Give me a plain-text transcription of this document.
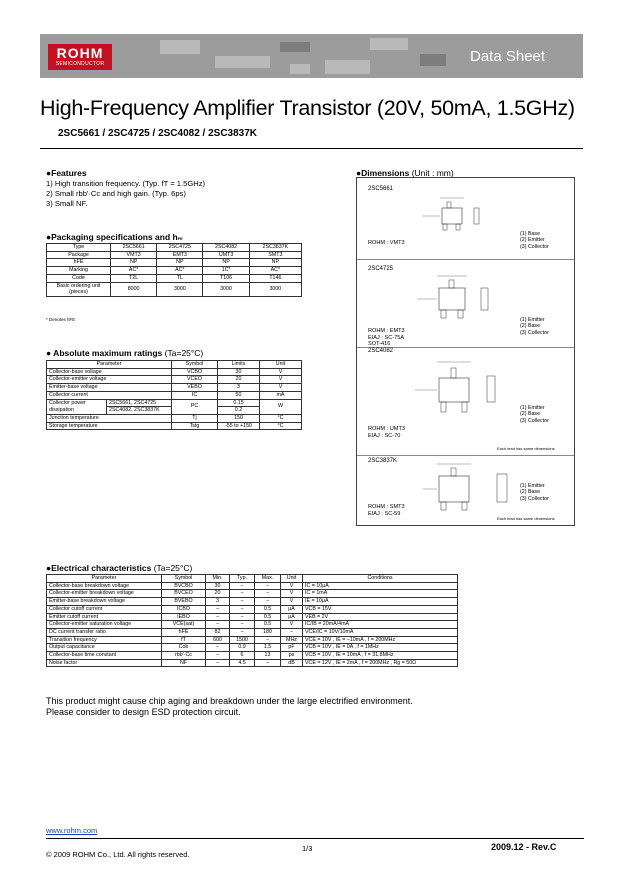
ROHM
SEMICONDUCTOR	Data Sheet
High-Frequency Amplifier Transistor (20V, 50mA, 1.5GHz)
2SC5661 / 2SC4725 / 2SC4082 / 2SC3837K
●Features
1) High transition frequency. (Typ. fT = 1.5GHz)
2) Small rbb'·Cc and high gain. (Typ. 6ps)
3) Small NF.
●Packaging specifications and hFE
Type	2SC5661	2SC4725	2SC4082	2SC3837K
Package	VMT3	EMT3	UMT3	SMT3
hFE	NP	NP	NP	NP
Marking	AC*	AC*	1C*	AC*
Code	T2L	TL	T106	T146
Basic ordering unit (pieces)	8000	3000	3000	3000
* Denotes hFE
● Absolute maximum ratings (Ta=25°C)
Parameter		Symbol	Limits	Unit
Collector-base voltage		VCBO	30	V
Collector-emitter voltage		VCEO	20	V
Emitter-base voltage		VEBO	3	V
Collector current		IC	50	mA
Collector power dissipation	2SC5661, 2SC4725	PC	0.15	W
	2SC4082, 2SC3837K		0.2	
Junction temperature		Tj	150	°C
Storage temperature		Tstg	-55 to +150	°C
●Dimensions (Unit : mm)
2SC5661
ROHM : VMT3
(1) Base
(2) Emitter
(3) Collector
2SC4725
(1) Emitter
(2) Base
(3) Collector
ROHM : EMT3
EIAJ : SC-75A
SOT-416
2SC4082
(1) Emitter
(2) Base
(3) Collector
ROHM : UMT3
EIAJ : SC-70
Each lead has same dimensions
2SC3837K
(1) Emitter
(2) Base
(3) Collector
ROHM : SMT3
EIAJ : SC-59
Each lead has same dimensions
●Electrical characteristics (Ta=25°C)
Parameter	Symbol	Min.	Typ.	Max.	Unit	Conditions
Collector-base breakdown voltage	BVCBO	30	−	−	V	IC = 10μA
Collector-emitter breakdown voltage	BVCEO	20	−	−	V	IC = 1mA
Emitter-base breakdown voltage	BVEBO	3	−	−	V	IE = 10μA
Collector cutoff current	ICBO	−	−	0.5	μA	VCB = 15V
Emitter cutoff current	IEBO	−	−	0.5	μA	VEB = 2V
Collector-emitter saturation voltage	VCE(sat)	−	−	0.5	V	IC/IB = 20mA/4mA
DC current transfer ratio	hFE	82	−	180	−	VCE/IC = 10V/10mA
Transition frequency	fT	600	1500	−	MHz	VCE = 10V , IE = −10mA , f = 200MHz
Output capacitance	Cob	−	0.9	1.5	pF	VCB = 10V , IE = 0A , f = 1MHz
Collector-base time constant	rbb'·Cc	−	6	13	ps	VCB = 10V , IE = 10mA , f = 31.8MHz
Noise factor	NF	−	4.5	−	dB	VCE = 12V , IE = 2mA , f = 200MHz , Rg = 50Ω
This product might cause chip aging and breakdown under the large electrified environment.
Please consider to design ESD protection circuit.
www.rohm.com
© 2009 ROHM Co., Ltd. All rights reserved.
1/3	2009.12 - Rev.C
